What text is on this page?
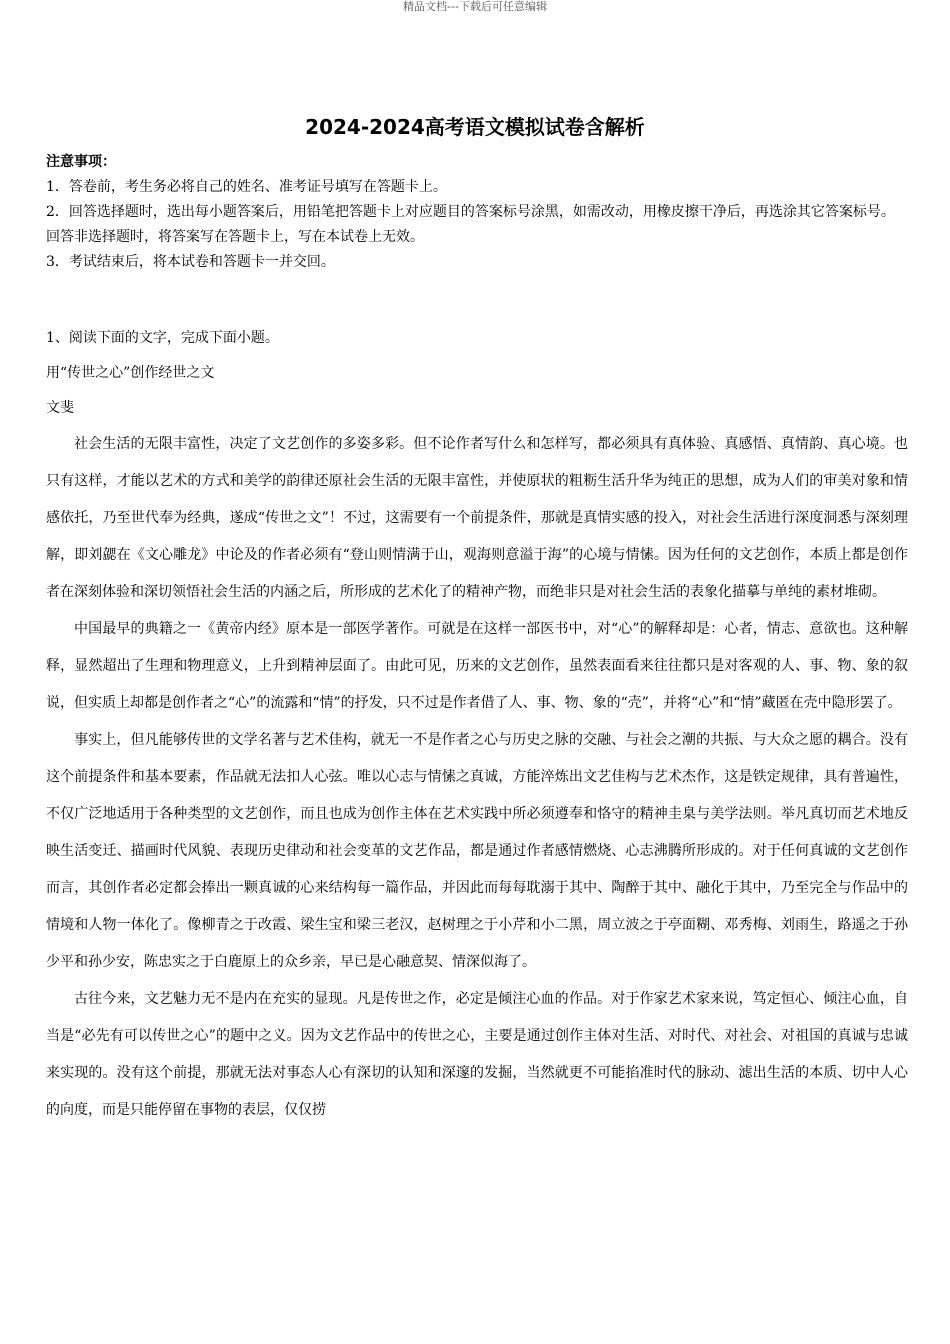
精品文档---下载后可任意编辑
2024-2024高考语文模拟试卷含解析
注意事项：

1．答卷前，考生务必将自己的姓名、准考证号填写在答题卡上。

2．回答选择题时，选出每小题答案后，用铅笔把答题卡上对应题目的答案标号涂黑，如需改动，用橡皮擦干净后，再选涂其它答案标号。回答非选择题时，将答案写在答题卡上，写在本试卷上无效。

3．考试结束后，将本试卷和答题卡一并交回。

1、阅读下面的文字，完成下面小题。

用“传世之心”创作经世之文

文斐

社会生活的无限丰富性，决定了文艺创作的多姿多彩。但不论作者写什么和怎样写，都必须具有真体验、真感悟、真情韵、真心境。也只有这样，才能以艺术的方式和美学的韵律还原社会生活的无限丰富性，并使原状的粗粝生活升华为纯正的思想，成为人们的审美对象和情感依托，乃至世代奉为经典，遂成“传世之文”！不过，这需要有一个前提条件，那就是真情实感的投入，对社会生活进行深度洞悉与深刻理解，即刘勰在《文心雕龙》中论及的作者必须有“登山则情满于山，观海则意溢于海”的心境与情愫。因为任何的文艺创作，本质上都是创作者在深刻体验和深切领悟社会生活的内涵之后，所形成的艺术化了的精神产物，而绝非只是对社会生活的表象化描摹与单纯的素材堆砌。

中国最早的典籍之一《黄帝内经》原本是一部医学著作。可就是在这样一部医书中，对“心”的解释却是：心者，情志、意欲也。这种解释，显然超出了生理和物理意义，上升到精神层面了。由此可见，历来的文艺创作，虽然表面看来往往都只是对客观的人、事、物、象的叙说，但实质上却都是创作者之“心”的流露和“情”的抒发，只不过是作者借了人、事、物、象的“壳”，并将“心”和“情”藏匿在壳中隐形罢了。

事实上，但凡能够传世的文学名著与艺术佳构，就无一不是作者之心与历史之脉的交融、与社会之潮的共振、与大众之愿的耦合。没有这个前提条件和基本要素，作品就无法扣人心弦。唯以心志与情愫之真诚，方能淬炼出文艺佳构与艺术杰作，这是铁定规律，具有普遍性，不仅广泛地适用于各种类型的文艺创作，而且也成为创作主体在艺术实践中所必须遵奉和恪守的精神圭臬与美学法则。举凡真切而艺术地反映生活变迁、描画时代风貌、表现历史律动和社会变革的文艺作品，都是通过作者感情燃烧、心志沸腾所形成的。对于任何真诚的文艺创作而言，其创作者必定都会捧出一颗真诚的心来结构每一篇作品，并因此而每每耽溺于其中、陶醉于其中、融化于其中，乃至完全与作品中的情境和人物一体化了。像柳青之于改霞、梁生宝和梁三老汉，赵树理之于小芹和小二黑，周立波之于亭面糊、邓秀梅、刘雨生，路遥之于孙少平和孙少安，陈忠实之于白鹿原上的众乡亲，早已是心融意契、情深似海了。

古往今来，文艺魅力无不是内在充实的显现。凡是传世之作，必定是倾注心血的作品。对于作家艺术家来说，笃定恒心、倾注心血，自当是“必先有可以传世之心”的题中之义。因为文艺作品中的传世之心，主要是通过创作主体对生活、对时代、对社会、对祖国的真诚与忠诚来实现的。没有这个前提，那就无法对事态人心有深切的认知和深邃的发掘，当然就更不可能掐准时代的脉动、滤出生活的本质、切中人心的向度，而是只能停留在事物的表层，仅仅捞
